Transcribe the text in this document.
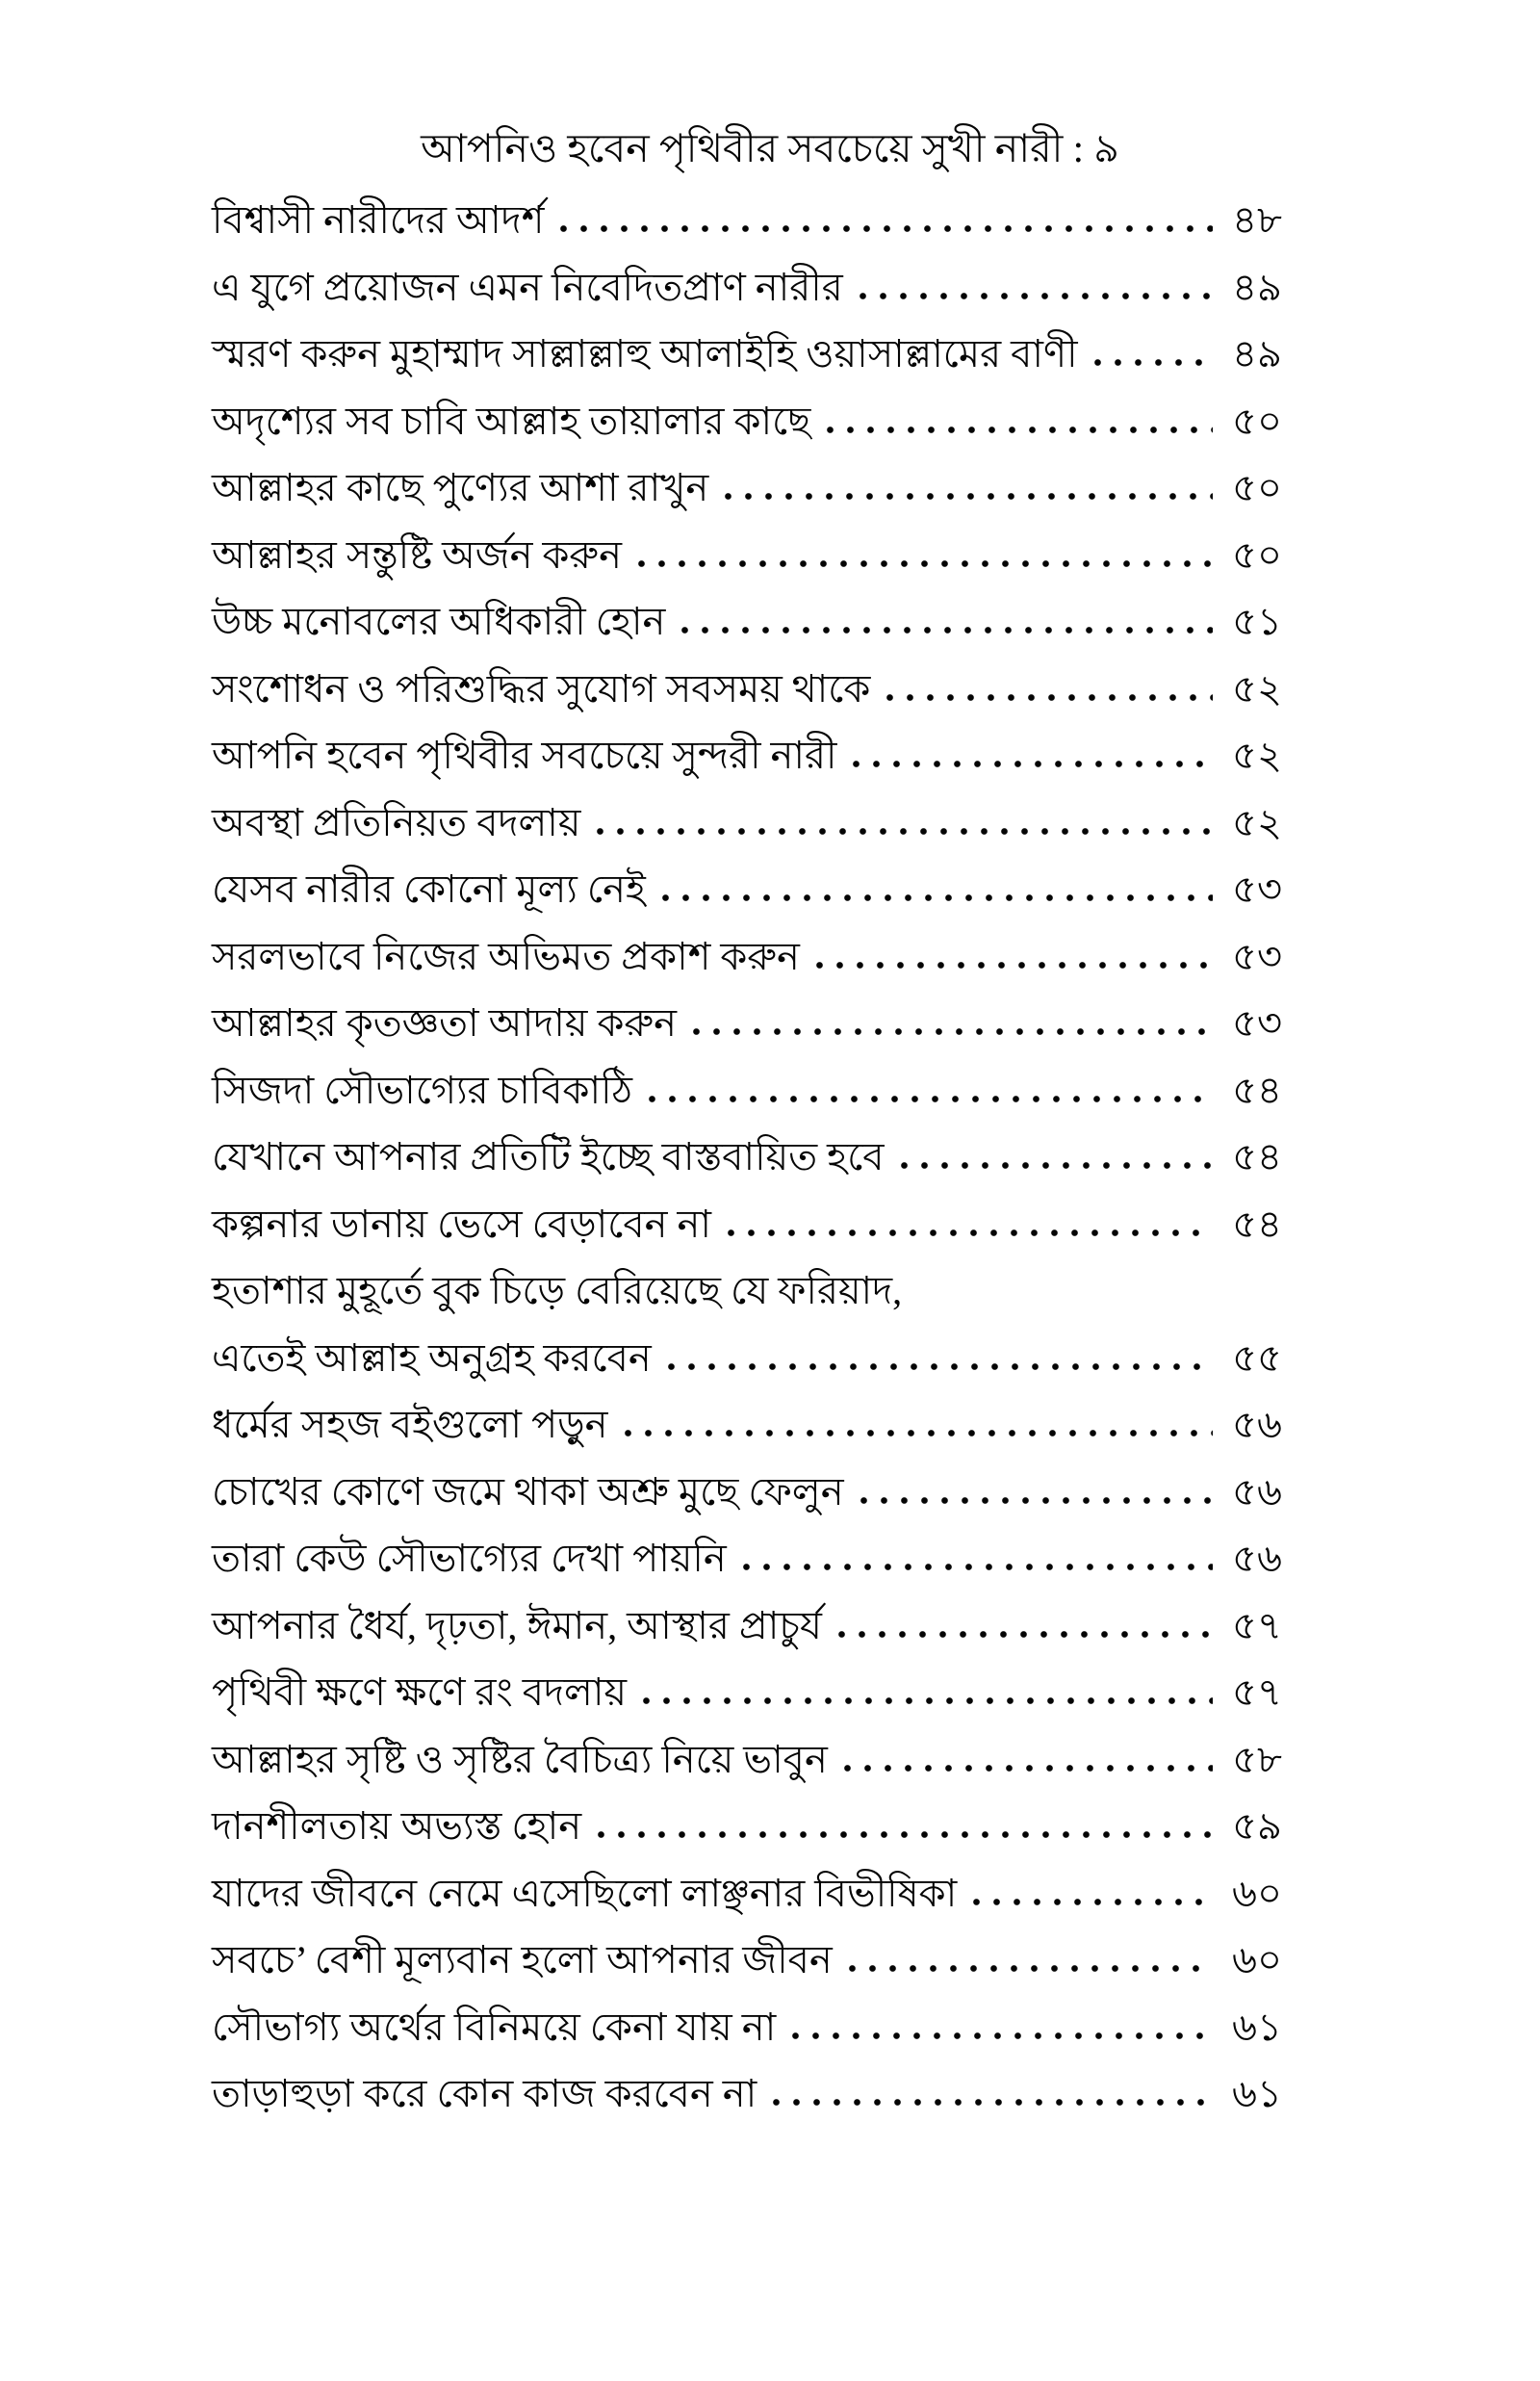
আপনিও হবেন পৃথিবীর সবচেয়ে সুখী নারী : ৯
বিশ্বাসী নারীদের আদর্শ	৪৮
এ যুগে প্রয়োজন এমন নিবেদিতপ্রাণ নারীর	৪৯
স্মরণ করুন মুহাম্মাদ সাল্লাল্লাহু আলাইহি ওয়াসাল্লামের বাণী	৪৯
অদৃশ্যের সব চাবি আল্লাহ তায়ালার কাছে	৫০
আল্লাহর কাছে পুণ্যের আশা রাখুন	৫০
আল্লাহর সন্তুষ্টি অর্জন করুন	৫০
উচ্চ মনোবলের অধিকারী হোন	৫১
সংশোধন ও পরিশুদ্ধির সুযোগ সবসময় থাকে	৫২
আপনি হবেন পৃথিবীর সবচেয়ে সুন্দরী নারী	৫২
অবস্থা প্রতিনিয়ত বদলায়	৫২
যেসব নারীর কোনো মূল্য নেই	৫৩
সরলভাবে নিজের অভিমত প্রকাশ করুন	৫৩
আল্লাহর কৃতজ্ঞতা আদায় করুন	৫৩
সিজদা সৌভাগ্যের চাবিকাঠি	৫৪
যেখানে আপনার প্রতিটি ইচ্ছে বাস্তবায়িত হবে	৫৪
কল্পনার ডানায় ভেসে বেড়াবেন না	৫৪
হতাশার মুহূর্তে বুক চিড়ে বেরিয়েছে যে ফরিয়াদ,
এতেই আল্লাহ অনুগ্রহ করবেন	৫৫
ধর্মের সহজ বইগুলো পড়ুন	৫৬
চোখের কোণে জমে থাকা অশ্রু মুছে ফেলুন	৫৬
তারা কেউ সৌভাগ্যের দেখা পায়নি	৫৬
আপনার ধৈর্য, দৃঢ়তা, ঈমান, আস্থার প্রাচুর্য	৫৭
পৃথিবী ক্ষণে ক্ষণে রং বদলায়	৫৭
আল্লাহর সৃষ্টি ও সৃষ্টির বৈচিত্র্য নিয়ে ভাবুন	৫৮
দানশীলতায় অভ্যস্ত হোন	৫৯
যাদের জীবনে নেমে এসেছিলো লাঞ্ছনার বিভীষিকা	৬০
সবচে’ বেশী মূল্যবান হলো আপনার জীবন	৬০
সৌভাগ্য অর্থের বিনিময়ে কেনা যায় না	৬১
তাড়াহুড়া করে কোন কাজ করবেন না	৬১
